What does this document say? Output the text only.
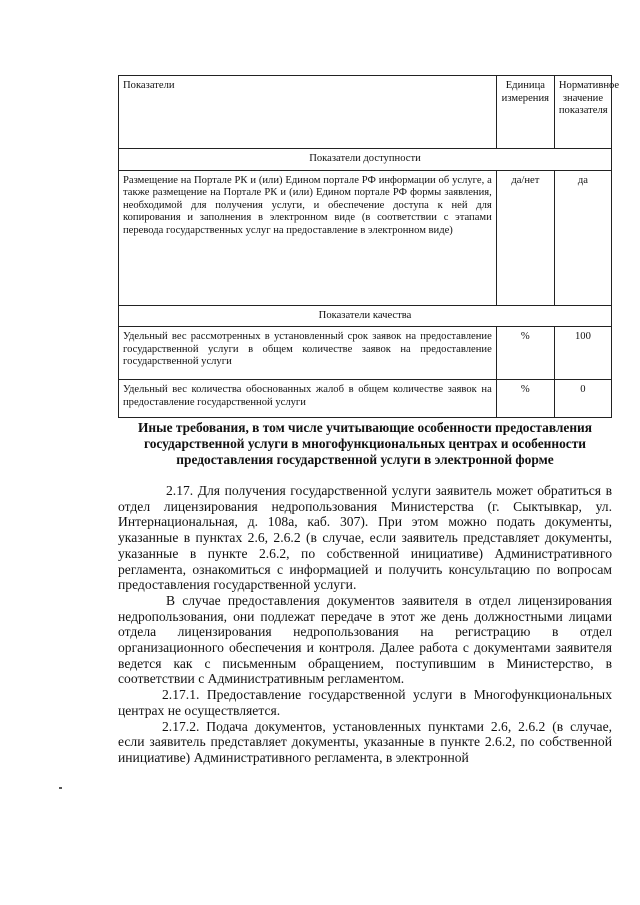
Показатели	Единица измерения	Нормативное значение показателя
Показатели доступности		
Размещение на Портале РК и (или) Едином портале РФ информации об услуге, а также размещение на Портале РК и (или) Едином портале РФ формы заявления, необходимой для получения услуги, и обеспечение доступа к ней для копирования и заполнения в электронном виде (в соответствии с этапами перевода государственных услуг на предоставление в электронном виде)	да/нет	да
Показатели качества		
Удельный вес рассмотренных в установленный срок заявок на предоставление государственной услуги в общем количестве заявок на предоставление государственной услуги	%	100
Удельный вес количества обоснованных жалоб в общем количестве заявок на предоставление государственной услуги	%	0
Иные требования, в том числе учитывающие особенности предоставления государственной услуги в многофункциональных центрах и особенности предоставления государственной услуги в электронной форме

2.17. Для получения государственной услуги заявитель может обратиться в отдел лицензирования недропользования Министерства (г. Сыктывкар, ул. Интернациональная, д. 108а, каб. 307). При этом можно подать документы, указанные в пунктах 2.6, 2.6.2 (в случае, если заявитель представляет документы, указанные в пункте 2.6.2, по собственной инициативе) Административного регламента, ознакомиться с информацией и получить консультацию по вопросам предоставления государственной услуги.

В случае предоставления документов заявителя в отдел лицензирования недропользования, они подлежат передаче в этот же день должностными лицами отдела лицензирования недропользования на регистрацию в отдел организационного обеспечения и контроля. Далее работа с документами заявителя ведется как с письменным обращением, поступившим в Министерство, в соответствии с Административным регламентом.

2.17.1. Предоставление государственной услуги в Многофункциональных центрах не осуществляется.

2.17.2. Подача документов, установленных пунктами 2.6, 2.6.2 (в случае, если заявитель представляет документы, указанные в пункте 2.6.2, по собственной инициативе) Административного регламента, в электронной
